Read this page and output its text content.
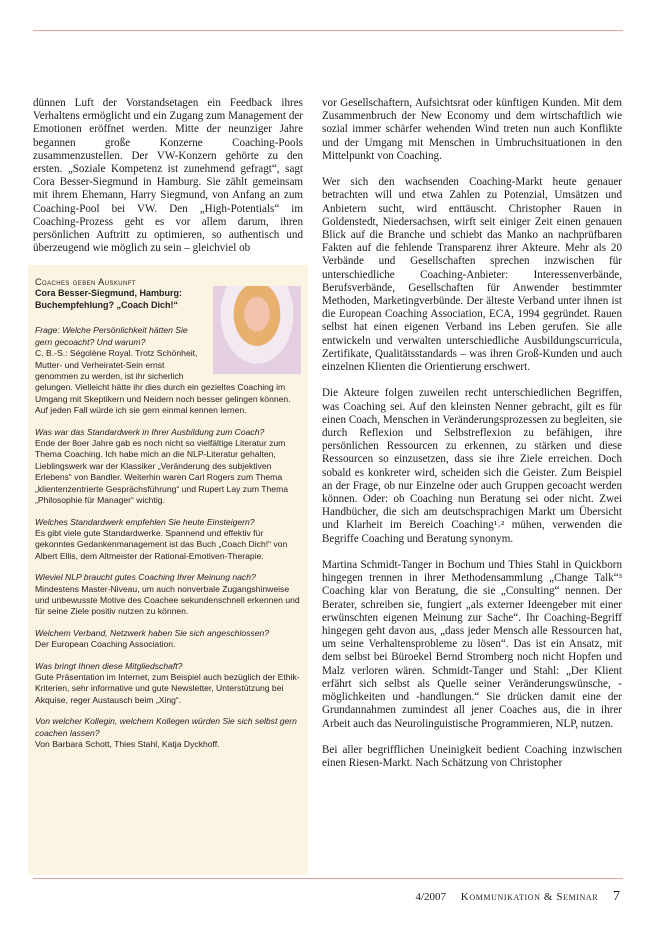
dünnen Luft der Vorstandsetagen ein Feedback ihres Verhaltens ermöglicht und ein Zugang zum Management der Emotionen eröffnet werden. Mitte der neunziger Jahre begannen große Konzerne Coaching-Pools zusammenzustellen. Der VW-Konzern gehörte zu den ersten. „Soziale Kompetenz ist zunehmend gefragt“, sagt Cora Besser-Siegmund in Hamburg. Sie zählt gemeinsam mit ihrem Ehemann, Harry Siegmund, von Anfang an zum Coaching-Pool bei VW. Den „High-Potentials“ im Coaching-Prozess geht es vor allem darum, ihren persönlichen Auftritt zu optimieren, so authentisch und überzeugend wie möglich zu sein – gleichviel ob

Coaches geben Auskunft
Cora Besser-Siegmund, Hamburg:
Buchempfehlung? „Coach Dich!“
Frage: Welche Persönlichkeit hätten Sie gern gecoacht? Und warum?

C. B.-S.: Ségolène Royal. Trotz Schönheit, Mutter- und Verheiratet-Sein ernst genommen zu werden, ist ihr sicherlich gelungen. Vielleicht hätte ihr dies durch ein gezieltes Coaching im Umgang mit Skeptikern und Neidern noch besser gelingen können. Auf jeden Fall würde ich sie gern einmal kennen lernen.

Was war das Standardwerk in Ihrer Ausbildung zum Coach?

Ende der 8oer Jahre gab es noch nicht so vielfältige Literatur zum Thema Coaching. Ich habe mich an die NLP-Literatur gehalten, Lieblingswerk war der Klassiker „Veränderung des subjektiven Erlebens“ von Bandler. Weiterhin waren Carl Rogers zum Thema „klientenzentrierte Gesprächsführung“ und Rupert Lay zum Thema „Philosophie für Manager“ wichtig.

Welches Standardwerk empfehlen Sie heute Einsteigern?

Es gibt viele gute Standardwerke. Spannend und effektiv für gekonntes Gedankenmanagement ist das Buch „Coach Dich!“ von Albert Ellis, dem Altmeister der Rational-Emotiven-Therapie.

Wieviel NLP braucht gutes Coaching Ihrer Meinung nach?

Mindestens Master-Niveau, um auch nonverbale Zugangshinweise und unbewusste Motive des Coachee sekundenschnell erkennen und für seine Ziele positiv nutzen zu können.

Welchem Verband, Netzwerk haben Sie sich angeschlossen?

Der European Coaching Association.

Was bringt Ihnen diese Mitgliedschaft?

Gute Präsentation im Internet, zum Beispiel auch bezüglich der Ethik-Kriterien, sehr informative und gute Newsletter, Unterstützung bei Akquise, reger Austausch beim „Xing“.

Von welcher Kollegin, welchem Kollegen würden Sie sich selbst gern coachen lassen?

Von Barbara Schott, Thies Stahl, Katja Dyckhoff.

vor Gesellschaftern, Aufsichtsrat oder künftigen Kunden. Mit dem Zusammenbruch der New Economy und dem wirtschaftlich wie sozial immer schärfer wehenden Wind treten nun auch Konflikte und der Umgang mit Menschen in Umbruchsituationen in den Mittelpunkt von Coaching.

Wer sich den wachsenden Coaching-Markt heute genauer betrachten will und etwa Zahlen zu Potenzial, Umsätzen und Anbietern sucht, wird enttäuscht. Christopher Rauen in Goldenstedt, Niedersachsen, wirft seit einiger Zeit einen genauen Blick auf die Branche und schiebt das Manko an nachprüfbaren Fakten auf die fehlende Transparenz ihrer Akteure. Mehr als 20 Verbände und Gesellschaften sprechen inzwischen für unterschiedliche Coaching-Anbieter: Interessenverbände, Berufsverbände, Gesellschaften für Anwender bestimmter Methoden, Marketingverbünde. Der älteste Verband unter ihnen ist die European Coaching Association, ECA, 1994 gegründet. Rauen selbst hat einen eigenen Verband ins Leben gerufen. Sie alle entwickeln und verwalten unterschiedliche Ausbildungscurricula, Zertifikate, Qualitätsstandards – was ihren Groß-Kunden und auch einzelnen Klienten die Orientierung erschwert.

Die Akteure folgen zuweilen recht unterschiedlichen Begriffen, was Coaching sei. Auf den kleinsten Nenner gebracht, gilt es für einen Coach, Menschen in Veränderungsprozessen zu begleiten, sie durch Reflexion und Selbstreflexion zu befähigen, ihre persönlichen Ressourcen zu erkennen, zu stärken und diese Ressourcen so einzusetzen, dass sie ihre Ziele erreichen. Doch sobald es konkreter wird, scheiden sich die Geister. Zum Beispiel an der Frage, ob nur Einzelne oder auch Gruppen gecoacht werden können. Oder: ob Coaching nun Beratung sei oder nicht. Zwei Handbücher, die sich am deutschsprachigen Markt um Übersicht und Klarheit im Bereich Coaching¹˒² mühen, verwenden die Begriffe Coaching und Beratung synonym.

Martina Schmidt-Tanger in Bochum und Thies Stahl in Quickborn hingegen trennen in ihrer Methodensammlung „Change Talk“³ Coaching klar von Beratung, die sie „Consulting“ nennen. Der Berater, schreiben sie, fungiert „als externer Ideengeber mit einer erwünschten eigenen Meinung zur Sache“. Ihr Coaching-Begriff hingegen geht davon aus, „dass jeder Mensch alle Ressourcen hat, um seine Verhaltensprobleme zu lösen“. Das ist ein Ansatz, mit dem selbst bei Büroekel Bernd Stromberg noch nicht Hopfen und Malz verloren wären. Schmidt-Tanger und Stahl: „Der Klient erfährt sich selbst als Quelle seiner Veränderungswünsche, -möglichkeiten und -handlungen.“ Sie drücken damit eine der Grundannahmen zumindest all jener Coaches aus, die in ihrer Arbeit auch das Neurolinguistische Programmieren, NLP, nutzen.

Bei aller begrifflichen Uneinigkeit bedient Coaching inzwischen einen Riesen-Markt. Nach Schätzung von Christopher

4/2007 Kommunikation & Seminar 7
